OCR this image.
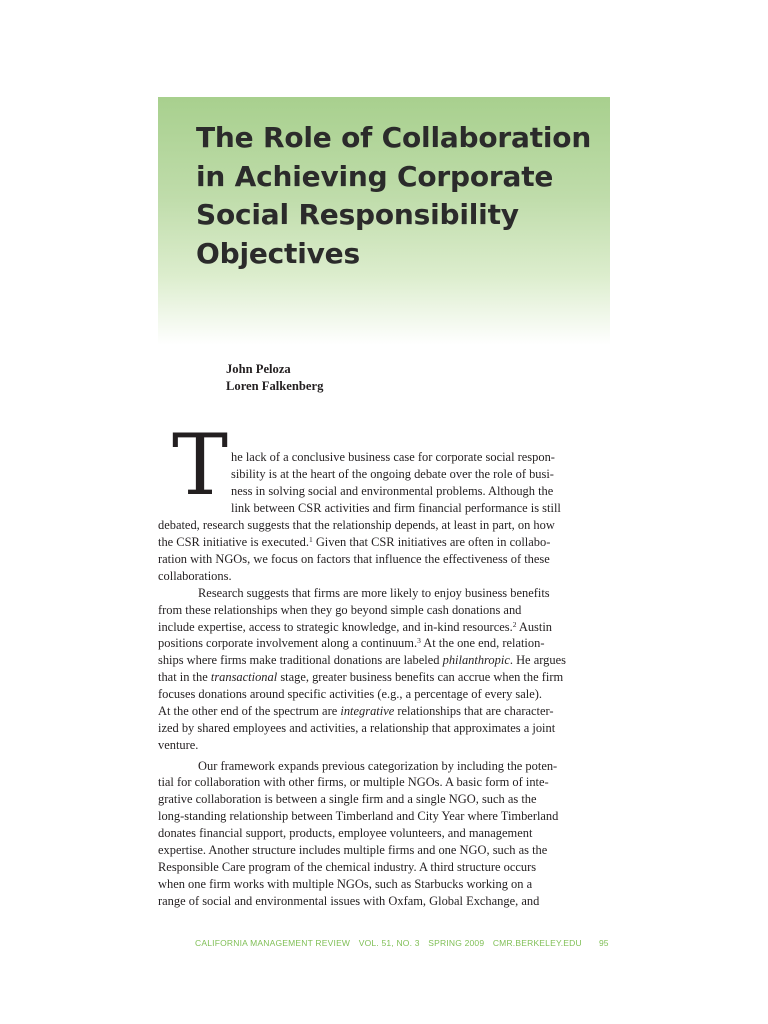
The Role of Collaboration
in Achieving Corporate
Social Responsibility
Objectives
John Peloza
Loren Falkenberg
T he lack of a conclusive business case for corporate social respon-
sibility is at the heart of the ongoing debate over the role of busi-
ness in solving social and environmental problems. Although the
link between CSR activities and firm financial performance is still
debated, research suggests that the relationship depends, at least in part, on how
the CSR initiative is executed.$^1$ Given that CSR initiatives are often in collabo-
ration with NGOs, we focus on factors that influence the effectiveness of these
collaborations.
Research suggests that firms are more likely to enjoy business benefits
from these relationships when they go beyond simple cash donations and
include expertise, access to strategic knowledge, and in-kind resources.$^2$ Austin
positions corporate involvement along a continuum.$^3$ At the one end, relation-
ships where firms make traditional donations are labeled philanthropic. He argues
that in the transactional stage, greater business benefits can accrue when the firm
focuses donations around specific activities (e.g., a percentage of every sale).
At the other end of the spectrum are integrative relationships that are character-
ized by shared employees and activities, a relationship that approximates a joint
venture.
Our framework expands previous categorization by including the poten-
tial for collaboration with other firms, or multiple NGOs. A basic form of inte-
grative collaboration is between a single firm and a single NGO, such as the
long-standing relationship between Timberland and City Year where Timberland
donates financial support, products, employee volunteers, and management
expertise. Another structure includes multiple firms and one NGO, such as the
Responsible Care program of the chemical industry. A third structure occurs
when one firm works with multiple NGOs, such as Starbucks working on a
range of social and environmental issues with Oxfam, Global Exchange, and
CALIFORNIA MANAGEMENT REVIEW VOL. 51, NO. 3 SPRING 2009 CMR.BERKELEY.EDU	95
